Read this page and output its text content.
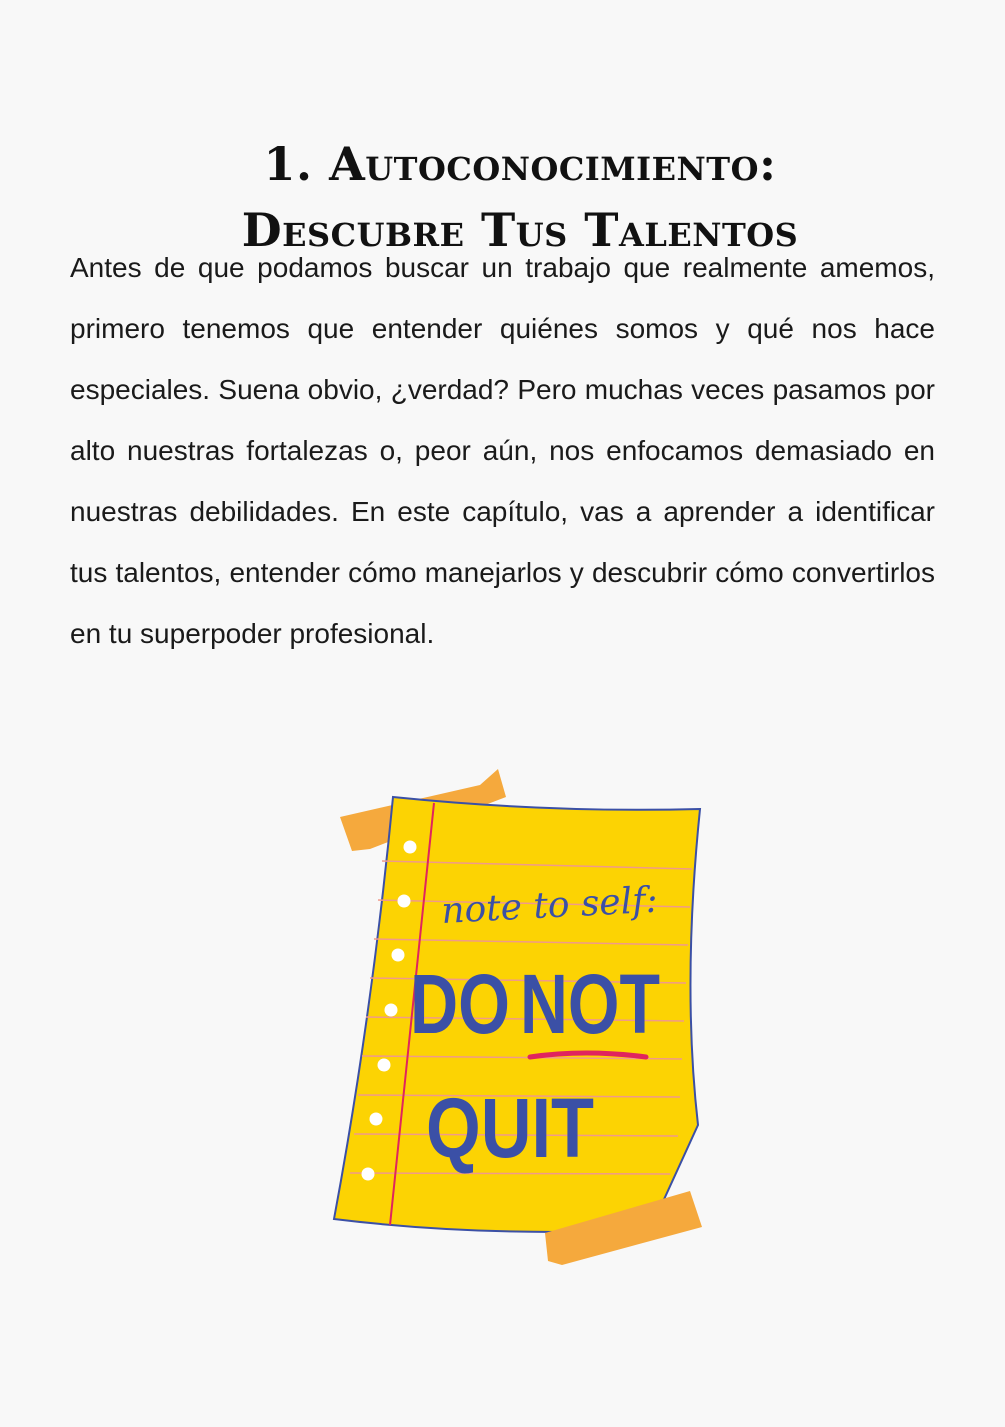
1. Autoconocimiento:
Descubre Tus Talentos

Antes de que podamos buscar un trabajo que realmente amemos, primero tenemos que entender quiénes somos y qué nos hace especiales. Suena obvio, ¿verdad? Pero muchas veces pasamos por alto nuestras fortalezas o, peor aún, nos enfocamos demasiado en nuestras debilidades. En este capítulo, vas a aprender a identificar tus talentos, entender cómo manejarlos y descubrir cómo convertirlos en tu superpoder profesional.

note to self:
DO NOT
QUIT
